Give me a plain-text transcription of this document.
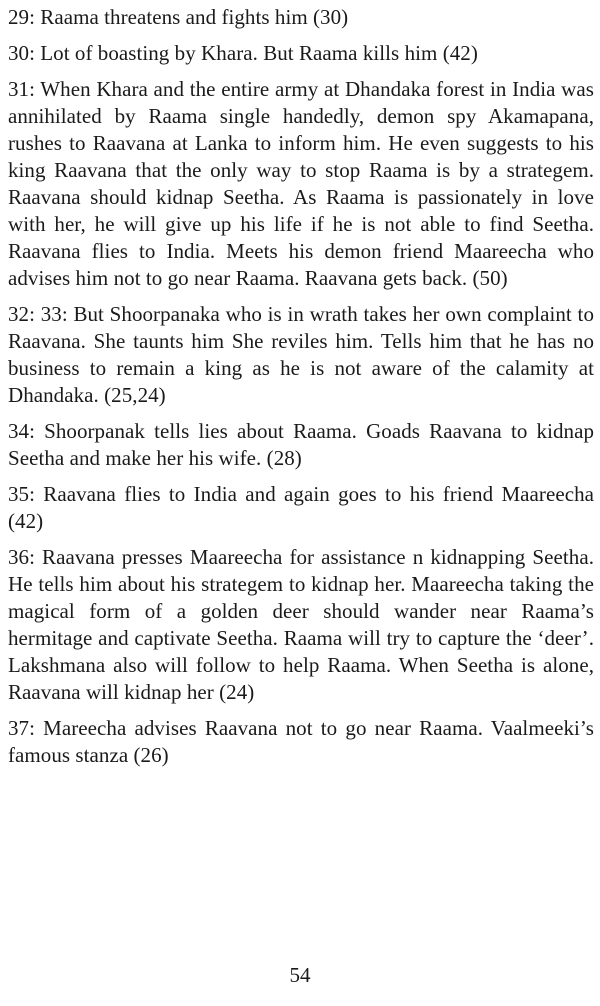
29: Raama threatens and fights him (30)

30: Lot of boasting by Khara. But Raama kills him (42)

31: When Khara and the entire army at Dhandaka forest in India was annihilated by Raama single handedly, demon spy Akamapana, rushes to Raavana at Lanka to inform him. He even suggests to his king Raavana that the only way to stop Raama is by a strategem. Raavana should kidnap Seetha. As Raama is passionately in love with her, he will give up his life if he is not able to find Seetha. Raavana flies to India. Meets his demon friend Maareecha who advises him not to go near Raama. Raavana gets back. (50)

32: 33: But Shoorpanaka who is in wrath takes her own complaint to Raavana. She taunts him She reviles him. Tells him that he has no business to remain a king as he is not aware of the calamity at Dhandaka. (25,24)

34: Shoorpanak tells lies about Raama. Goads Raavana to kidnap Seetha and make her his wife. (28)

35: Raavana flies to India and again goes to his friend Maareecha (42)

36: Raavana presses Maareecha for assistance n kidnapping Seetha. He tells him about his strategem to kidnap her. Maareecha taking the magical form of a golden deer should wander near Raama’s hermitage and captivate Seetha. Raama will try to capture the ‘deer’. Lakshmana also will follow to help Raama. When Seetha is alone, Raavana will kidnap her (24)

37: Mareecha advises Raavana not to go near Raama. Vaalmeeki’s famous stanza (26)

54
